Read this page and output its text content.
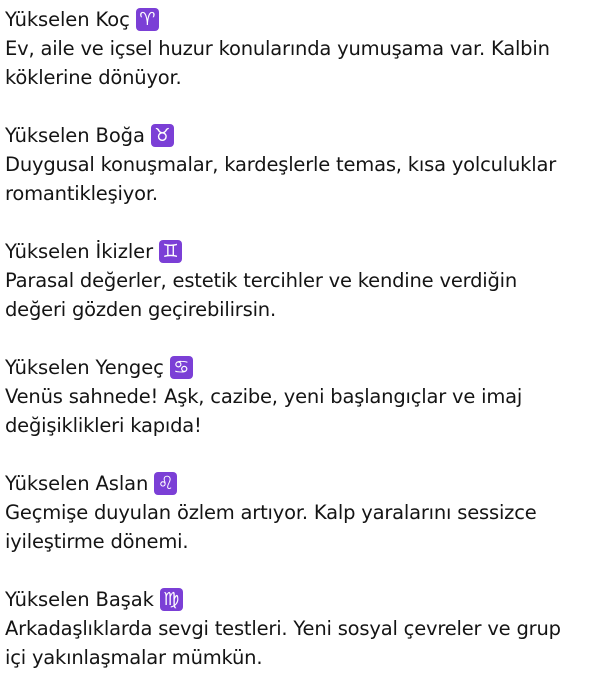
Yükselen Koç ♈
Ev, aile ve içsel huzur konularında yumuşama var. Kalbin
köklerine dönüyor.
Yükselen Boğa ♉
Duygusal konuşmalar, kardeşlerle temas, kısa yolculuklar
romantikleşiyor.
Yükselen İkizler ♊
Parasal değerler, estetik tercihler ve kendine verdiğin
değeri gözden geçirebilirsin.
Yükselen Yengeç ♋
Venüs sahnede! Aşk, cazibe, yeni başlangıçlar ve imaj
değişiklikleri kapıda!
Yükselen Aslan ♌
Geçmişe duyulan özlem artıyor. Kalp yaralarını sessizce
iyileştirme dönemi.
Yükselen Başak ♍
Arkadaşlıklarda sevgi testleri. Yeni sosyal çevreler ve grup
içi yakınlaşmalar mümkün.
